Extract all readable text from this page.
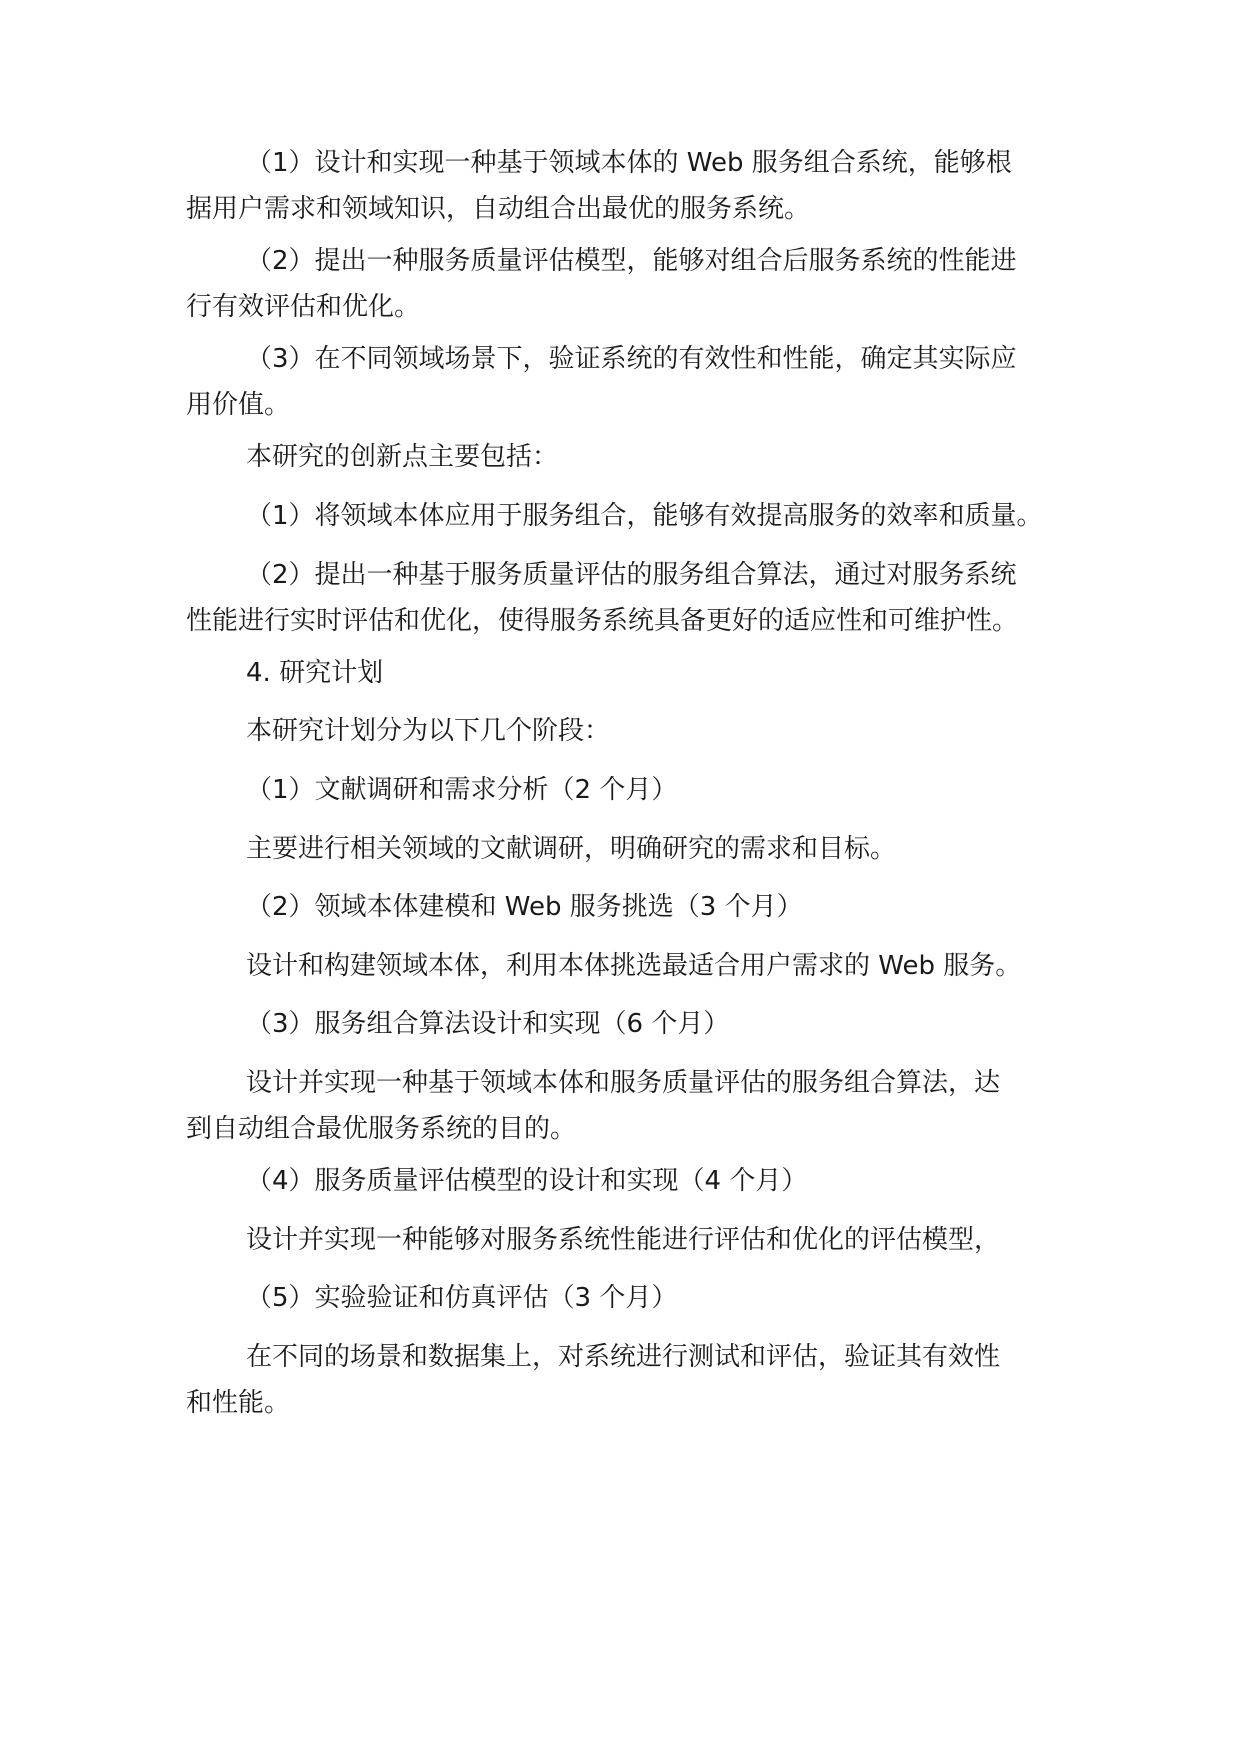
（1）设计和实现一种基于领域本体的 Web 服务组合系统，能够根
据用户需求和领域知识，自动组合出最优的服务系统。

（2）提出一种服务质量评估模型，能够对组合后服务系统的性能进
行有效评估和优化。

（3）在不同领域场景下，验证系统的有效性和性能，确定其实际应
用价值。

本研究的创新点主要包括：

（1）将领域本体应用于服务组合，能够有效提高服务的效率和质量。

（2）提出一种基于服务质量评估的服务组合算法，通过对服务系统
性能进行实时评估和优化，使得服务系统具备更好的适应性和可维护性。

4. 研究计划

本研究计划分为以下几个阶段：

（1）文献调研和需求分析（2 个月）

主要进行相关领域的文献调研，明确研究的需求和目标。

（2）领域本体建模和 Web 服务挑选（3 个月）

设计和构建领域本体，利用本体挑选最适合用户需求的 Web 服务。

（3）服务组合算法设计和实现（6 个月）

设计并实现一种基于领域本体和服务质量评估的服务组合算法，达
到自动组合最优服务系统的目的。

（4）服务质量评估模型的设计和实现（4 个月）

设计并实现一种能够对服务系统性能进行评估和优化的评估模型，

（5）实验验证和仿真评估（3 个月）

在不同的场景和数据集上，对系统进行测试和评估，验证其有效性
和性能。
